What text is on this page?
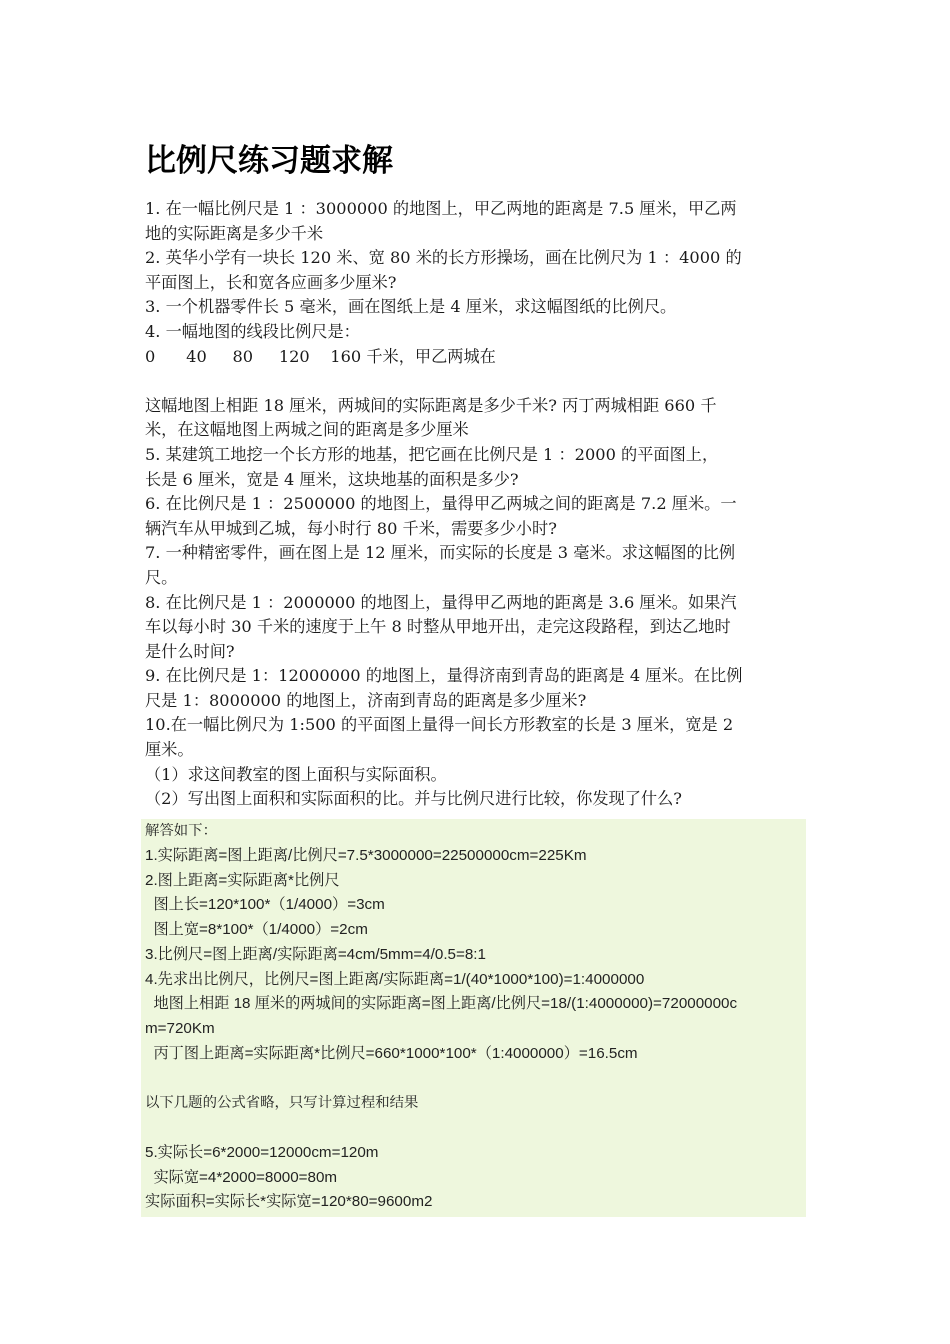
比例尺练习题求解
1. 在一幅比例尺是 1 ：3000000 的地图上，甲乙两地的距离是 7.5 厘米，甲乙两
地的实际距离是多少千米
2. 英华小学有一块长 120 米、宽 80 米的长方形操场，画在比例尺为 1 ：4000 的
平面图上，长和宽各应画多少厘米?
3. 一个机器零件长 5 毫米，画在图纸上是 4 厘米，求这幅图纸的比例尺。
4. 一幅地图的线段比例尺是：
0      40     80     120    160 千米，甲乙两城在
这幅地图上相距 18 厘米，两城间的实际距离是多少千米? 丙丁两城相距 660 千
米，在这幅地图上两城之间的距离是多少厘米
5. 某建筑工地挖一个长方形的地基，把它画在比例尺是 1 ：2000 的平面图上，
长是 6 厘米，宽是 4 厘米，这块地基的面积是多少?
6. 在比例尺是 1 ：2500000 的地图上，量得甲乙两城之间的距离是 7.2 厘米。一
辆汽车从甲城到乙城，每小时行 80 千米，需要多少小时?
7. 一种精密零件，画在图上是 12 厘米，而实际的长度是 3 毫米。求这幅图的比例
尺。
8. 在比例尺是 1 ：2000000 的地图上，量得甲乙两地的距离是 3.6 厘米。如果汽
车以每小时 30 千米的速度于上午 8 时整从甲地开出，走完这段路程，到达乙地时
是什么时间?
9. 在比例尺是 1：12000000 的地图上，量得济南到青岛的距离是 4 厘米。在比例
尺是 1：8000000 的地图上，济南到青岛的距离是多少厘米?
10.在一幅比例尺为 1:500 的平面图上量得一间长方形教室的长是 3 厘米，宽是 2
厘米。
（1）求这间教室的图上面积与实际面积。
（2）写出图上面积和实际面积的比。并与比例尺进行比较，你发现了什么?
解答如下：
1.实际距离=图上距离/比例尺=7.5*3000000=22500000cm=225Km
2.图上距离=实际距离*比例尺
图上长=120*100*（1/4000）=3cm
图上宽=8*100*（1/4000）=2cm
3.比例尺=图上距离/实际距离=4cm/5mm=4/0.5=8:1
4.先求出比例尺，比例尺=图上距离/实际距离=1/(40*1000*100)=1:4000000
地图上相距 18 厘米的两城间的实际距离=图上距离/比例尺=18/(1:4000000)=72000000c
m=720Km
丙丁图上距离=实际距离*比例尺=660*1000*100*（1:4000000）=16.5cm
以下几题的公式省略，只写计算过程和结果
5.实际长=6*2000=12000cm=120m
实际宽=4*2000=8000=80m
实际面积=实际长*实际宽=120*80=9600m2
